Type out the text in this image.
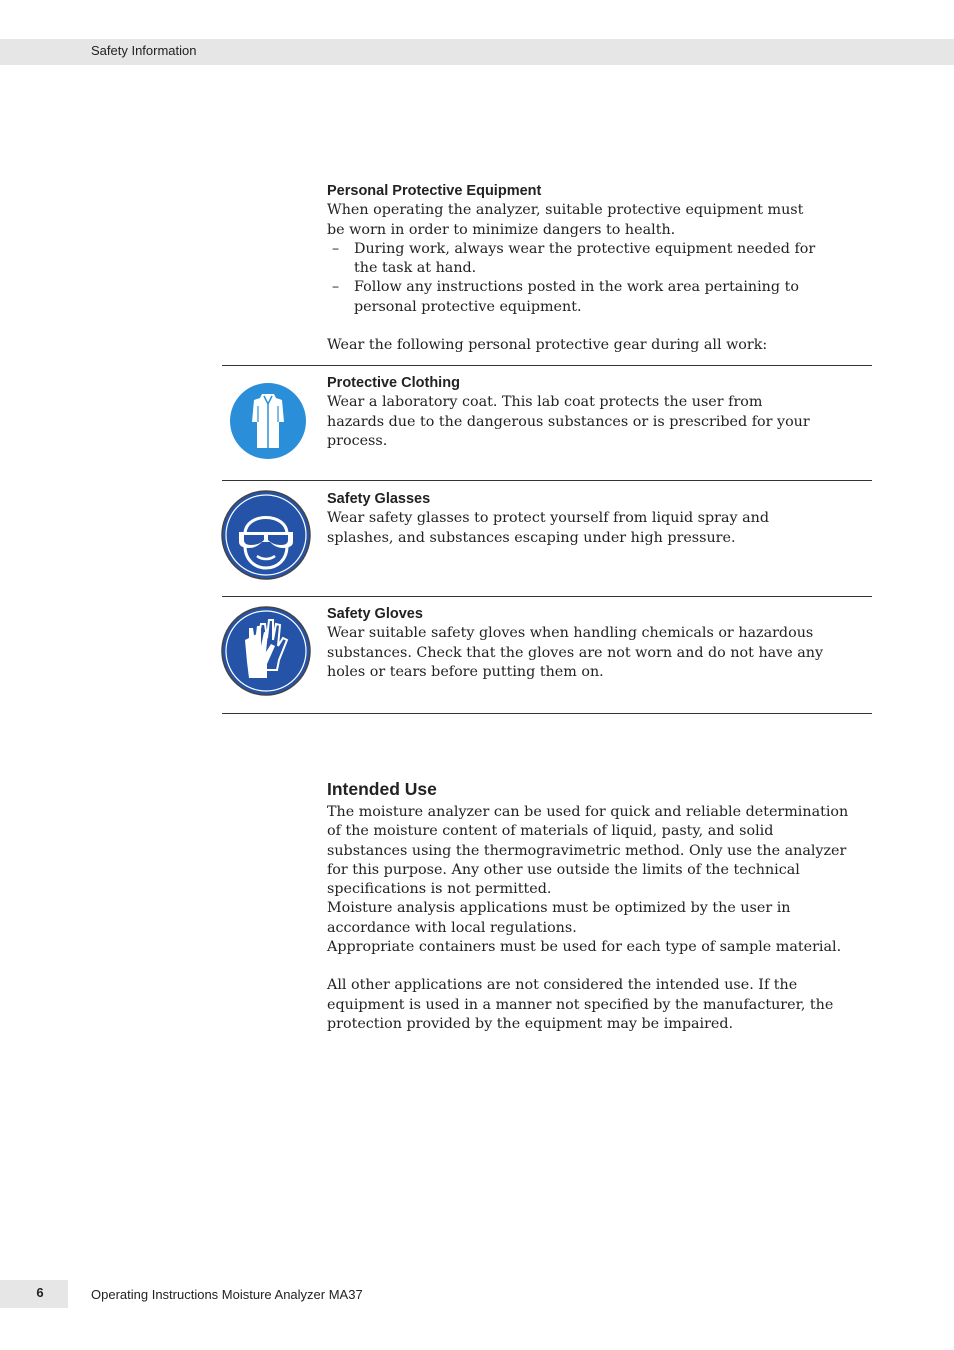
Safety Information

Personal Protective Equipment

When operating the analyzer, suitable protective equipment must be worn in order to minimize dangers to health.

– During work, always wear the protective equipment needed for the task at hand.
– Follow any instructions posted in the work area pertaining to personal protective equipment.

Wear the following personal protective gear during all work:

Protective Clothing

Wear a laboratory coat. This lab coat protects the user from hazards due to the dangerous substances or is prescribed for your process.

Safety Glasses

Wear safety glasses to protect yourself from liquid spray and splashes, and substances escaping under high pressure.

Safety Gloves

Wear suitable safety gloves when handling chemicals or hazardous substances. Check that the gloves are not worn and do not have any holes or tears before putting them on.

Intended Use

The moisture analyzer can be used for quick and reliable determination of the moisture content of materials of liquid, pasty, and solid substances using the thermogravimetric method. Only use the analyzer for this purpose. Any other use outside the limits of the technical specifications is not permitted.

Moisture analysis applications must be optimized by the user in accordance with local regulations.

Appropriate containers must be used for each type of sample material.

All other applications are not considered the intended use. If the equipment is used in a manner not specified by the manufacturer, the protection provided by the equipment may be impaired.

6	Operating Instructions Moisture Analyzer MA37
